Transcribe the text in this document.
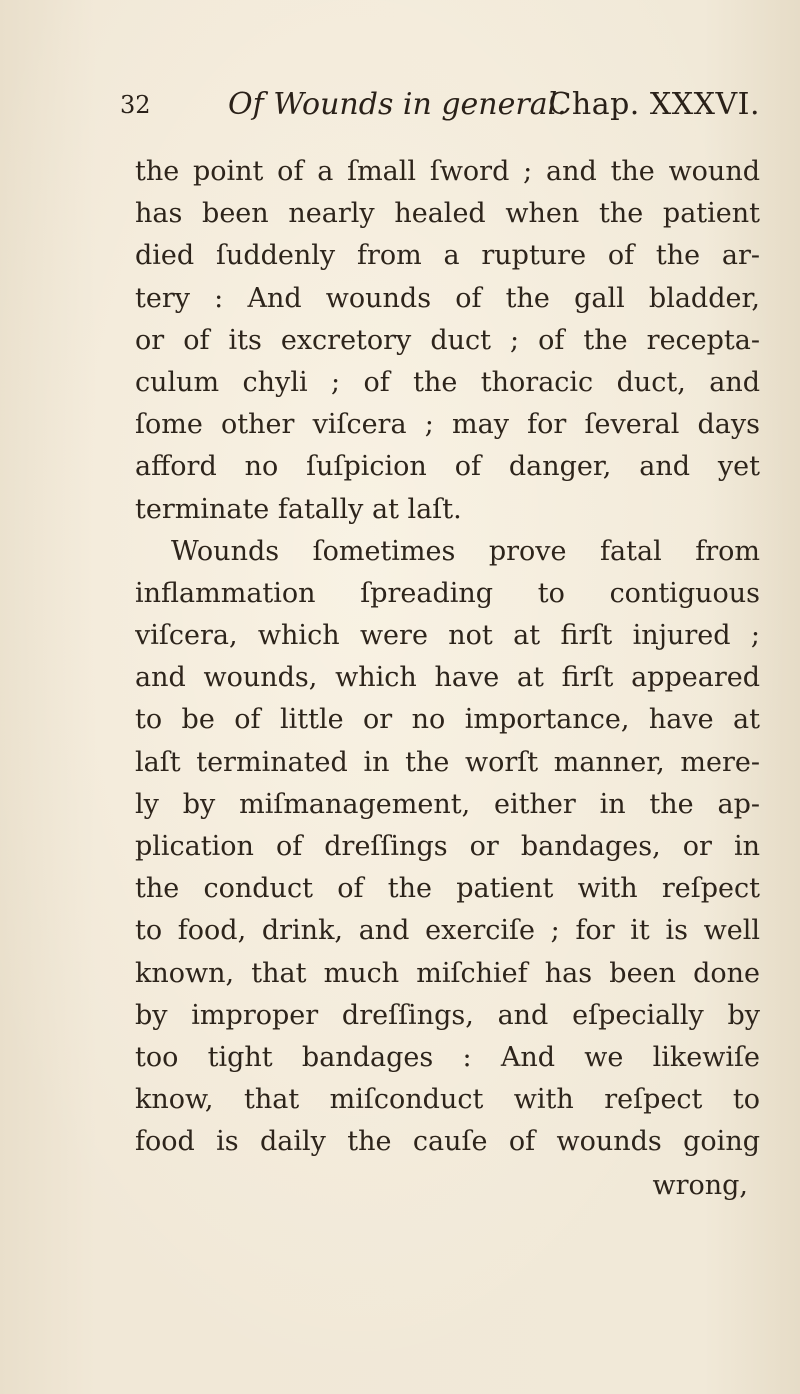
32	Of Wounds in general.
Chap. XXXVI.
the point of a ſmall ſword ; and the wound
has been nearly healed when the patient
died ſuddenly from a rupture of the ar-
tery : And wounds of the gall bladder,
or of its excretory duct ; of the recepta-
culum chyli ; of the thoracic duct, and
ſome other viſcera ; may for ſeveral days
afford no ſuſpicion of danger, and yet
terminate fatally at laſt.
Wounds ſometimes prove fatal from
inflammation ſpreading to contiguous
viſcera, which were not at firſt injured ;
and wounds, which have at firſt appeared
to be of little or no importance, have at
laſt terminated in the worſt manner, mere-
ly by miſmanagement, either in the ap-
plication of dreſſings or bandages, or in
the conduct of the patient with reſpect
to food, drink, and exerciſe ; for it is well
known, that much miſchief has been done
by improper dreſſings, and eſpecially by
too tight bandages : And we likewiſe
know, that miſconduct with reſpect to
food is daily the cauſe of wounds going
wrong,
